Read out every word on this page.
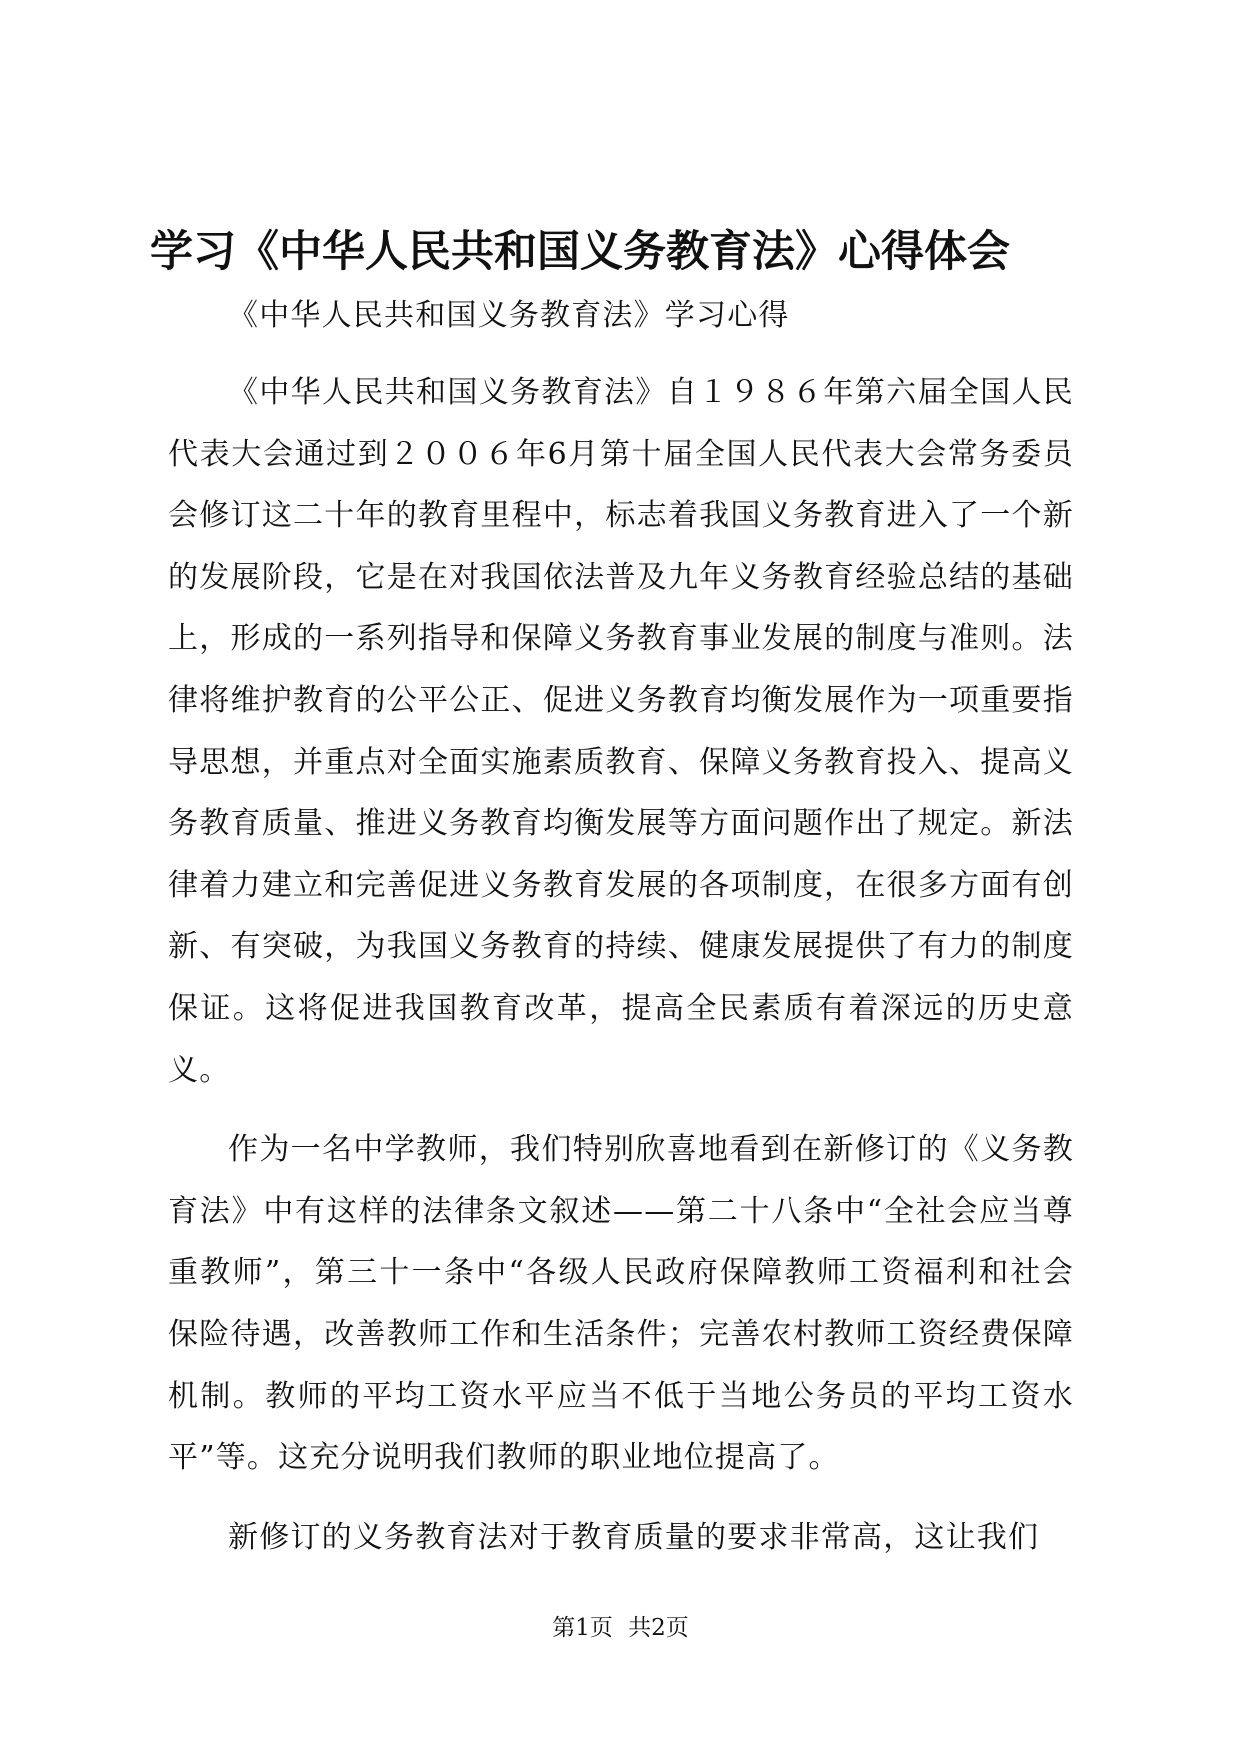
学习《中华人民共和国义务教育法》心得体会

《中华人民共和国义务教育法》学习心得

《中华人民共和国义务教育法》自１９８６年第六届全国人民代表大会通过到２００６年6月第十届全国人民代表大会常务委员会修订这二十年的教育里程中，标志着我国义务教育进入了一个新的发展阶段，它是在对我国依法普及九年义务教育经验总结的基础上，形成的一系列指导和保障义务教育事业发展的制度与准则。法律将维护教育的公平公正、促进义务教育均衡发展作为一项重要指导思想，并重点对全面实施素质教育、保障义务教育投入、提高义务教育质量、推进义务教育均衡发展等方面问题作出了规定。新法律着力建立和完善促进义务教育发展的各项制度，在很多方面有创新、有突破，为我国义务教育的持续、健康发展提供了有力的制度保证。这将促进我国教育改革，提高全民素质有着深远的历史意义。

作为一名中学教师，我们特别欣喜地看到在新修订的《义务教育法》中有这样的法律条文叙述——第二十八条中“全社会应当尊重教师”，第三十一条中“各级人民政府保障教师工资福利和社会保险待遇，改善教师工作和生活条件；完善农村教师工资经费保障机制。教师的平均工资水平应当不低于当地公务员的平均工资水平”等。这充分说明我们教师的职业地位提高了。

新修订的义务教育法对于教育质量的要求非常高，这让我们

第1页 共2页
